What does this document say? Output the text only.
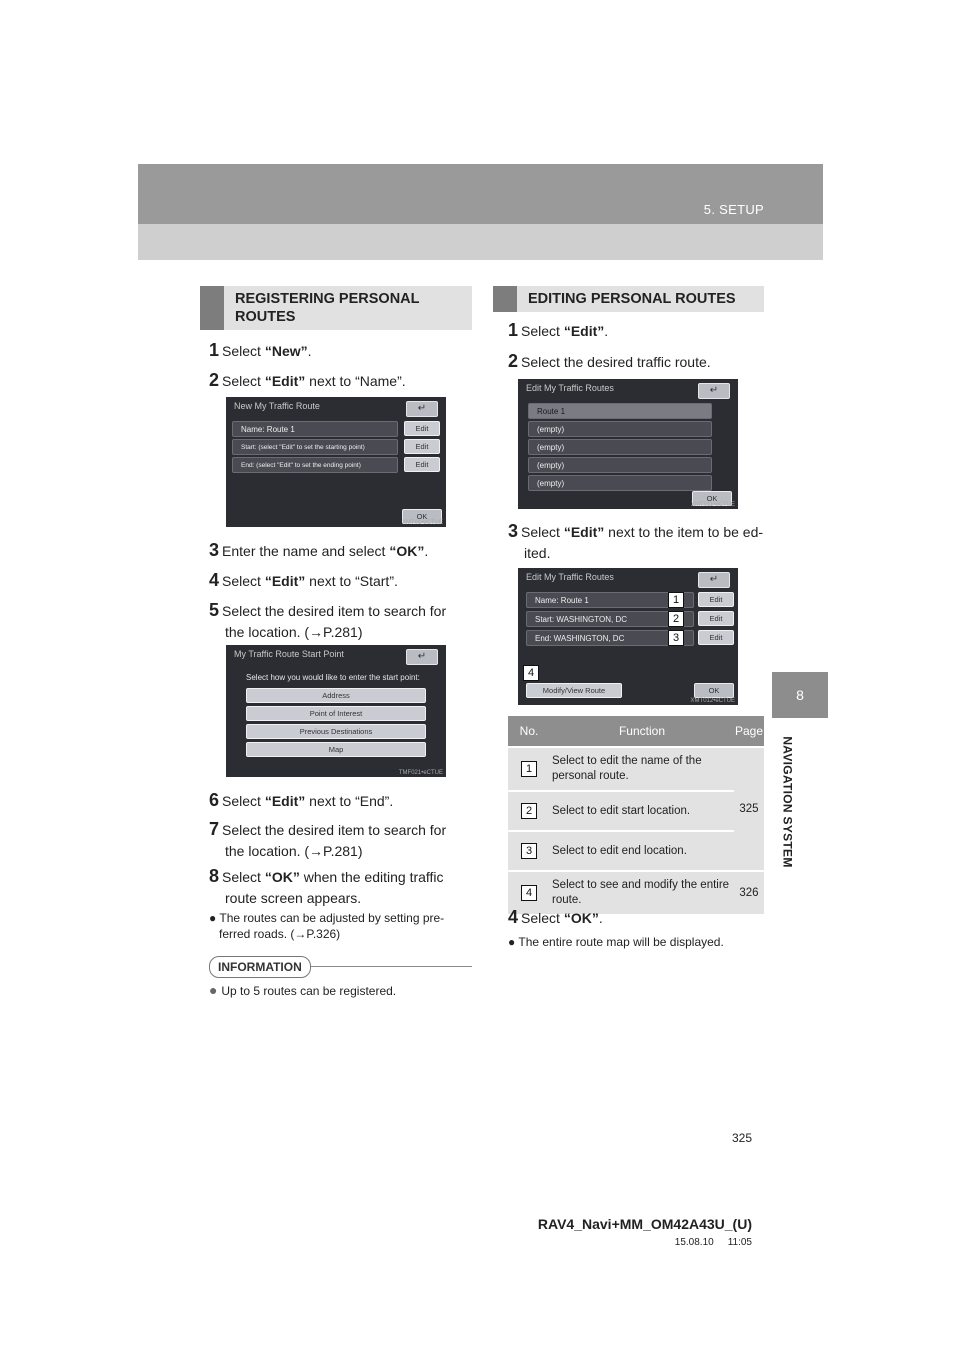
5. SETUP
8
NAVIGATION SYSTEM
REGISTERING PERSONAL ROUTES
1 Select “New”.
2 Select “Edit” next to “Name”.
New My Traffic Route	↵
Name: Route 1	Edit
Start: (select "Edit" to set the starting point)	Edit
End: (select "Edit" to set the ending point)	Edit
OK
XMT01•eCTUE
3 Enter the name and select “OK”.
4 Select “Edit” next to “Start”.
5 Select the desired item to search for
the location. (→P.281)
My Traffic Route Start Point	↵
Select how you would like to enter the start point:
Address
Point of Interest
Previous Destinations
Map
TMF021•eCTUE
6 Select “Edit” next to “End”.
7 Select the desired item to search for
the location. (→P.281)
8 Select “OK” when the editing traffic
route screen appears.
● The routes can be adjusted by setting pre-
ferred roads. (→P.326)
INFORMATION
● Up to 5 routes can be registered.
EDITING PERSONAL ROUTES
1 Select “Edit”.
2 Select the desired traffic route.
Edit My Traffic Routes	↵
Route 1
(empty)
(empty)
(empty)
(empty)
OK
XMT011•eCTUE
3 Select “Edit” next to the item to be ed-
ited.
Edit My Traffic Routes	↵
Name: Route 1	Edit
Start: WASHINGTON, DC	Edit
End: WASHINGTON, DC	Edit
1
2
3
4
Modify/View Route	OK
XMT012•eCTUE
No.	Function	Page
1	Select to edit the name of the personal route.	325
2	Select to edit start location.	
3	Select to edit end location.	
4	Select to see and modify the entire route.	326
4 Select “OK”.
● The entire route map will be displayed.
325
RAV4_Navi+MM_OM42A43U_(U)
15.08.10 11:05
